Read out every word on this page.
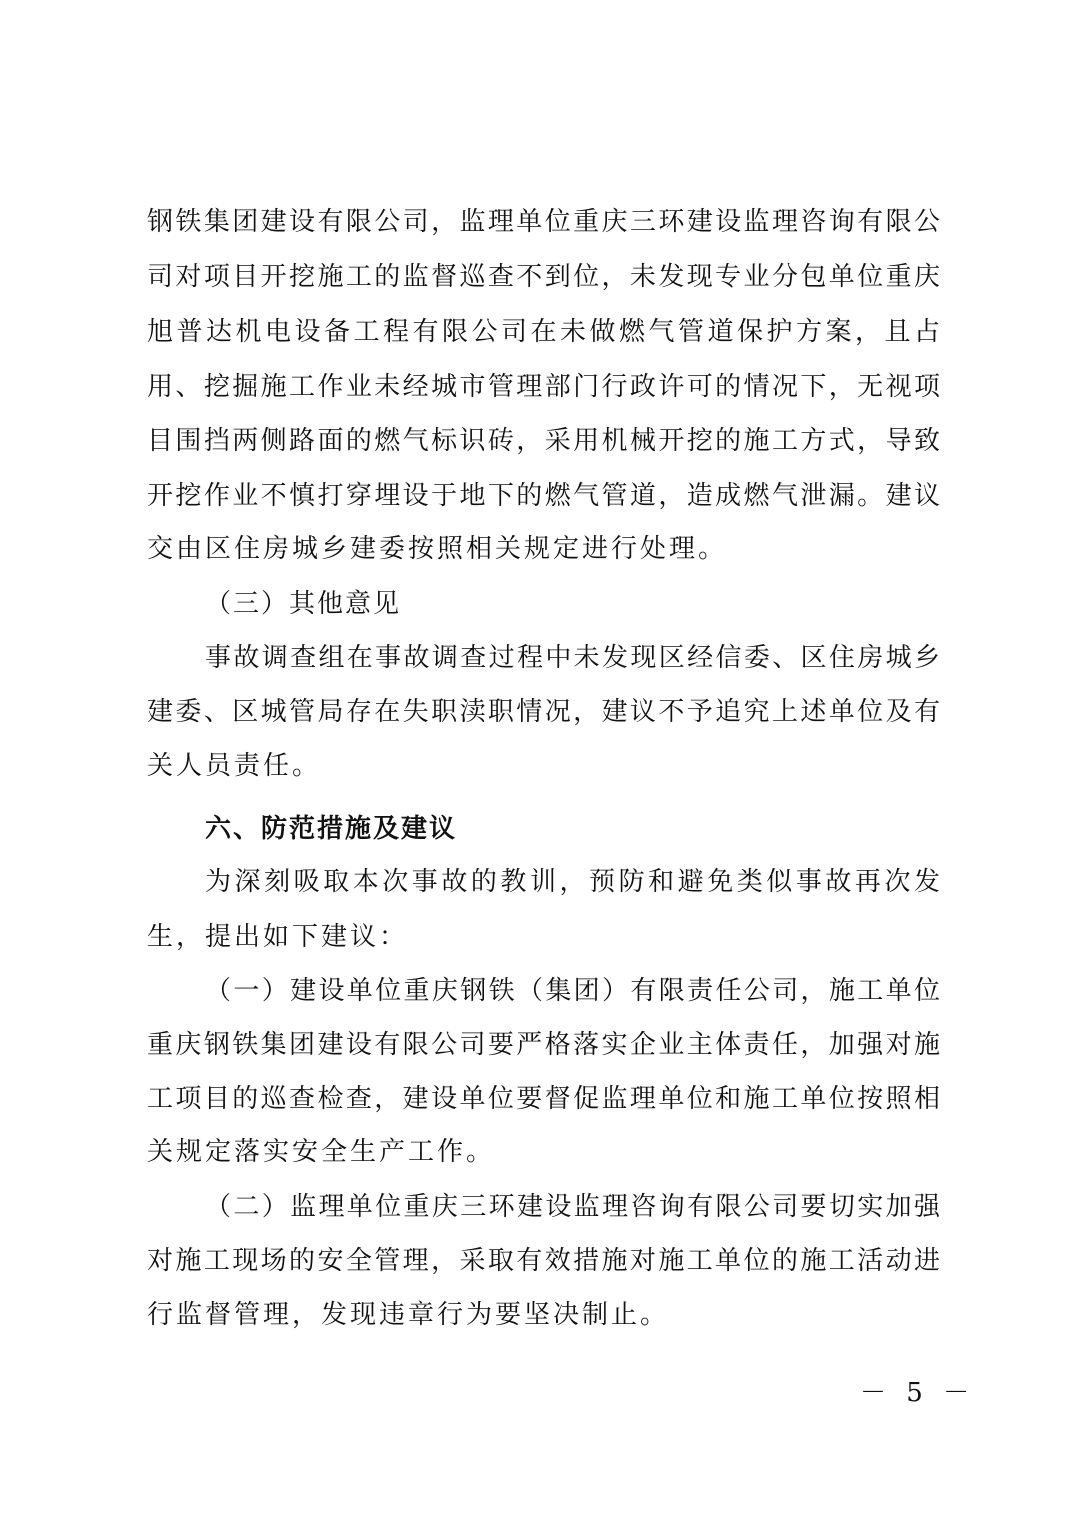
钢铁集团建设有限公司，监理单位重庆三环建设监理咨询有限公
司对项目开挖施工的监督巡查不到位，未发现专业分包单位重庆
旭普达机电设备工程有限公司在未做燃气管道保护方案，且占
用、挖掘施工作业未经城市管理部门行政许可的情况下，无视项
目围挡两侧路面的燃气标识砖，采用机械开挖的施工方式，导致
开挖作业不慎打穿埋设于地下的燃气管道，造成燃气泄漏。建议
交由区住房城乡建委按照相关规定进行处理。
（三）其他意见
事故调查组在事故调查过程中未发现区经信委、区住房城乡
建委、区城管局存在失职渎职情况，建议不予追究上述单位及有
关人员责任。
六、防范措施及建议
为深刻吸取本次事故的教训，预防和避免类似事故再次发
生，提出如下建议：
（一）建设单位重庆钢铁（集团）有限责任公司，施工单位
重庆钢铁集团建设有限公司要严格落实企业主体责任，加强对施
工项目的巡查检查，建设单位要督促监理单位和施工单位按照相
关规定落实安全生产工作。
（二）监理单位重庆三环建设监理咨询有限公司要切实加强
对施工现场的安全管理，采取有效措施对施工单位的施工活动进
行监督管理，发现违章行为要坚决制止。
－ 5 －
